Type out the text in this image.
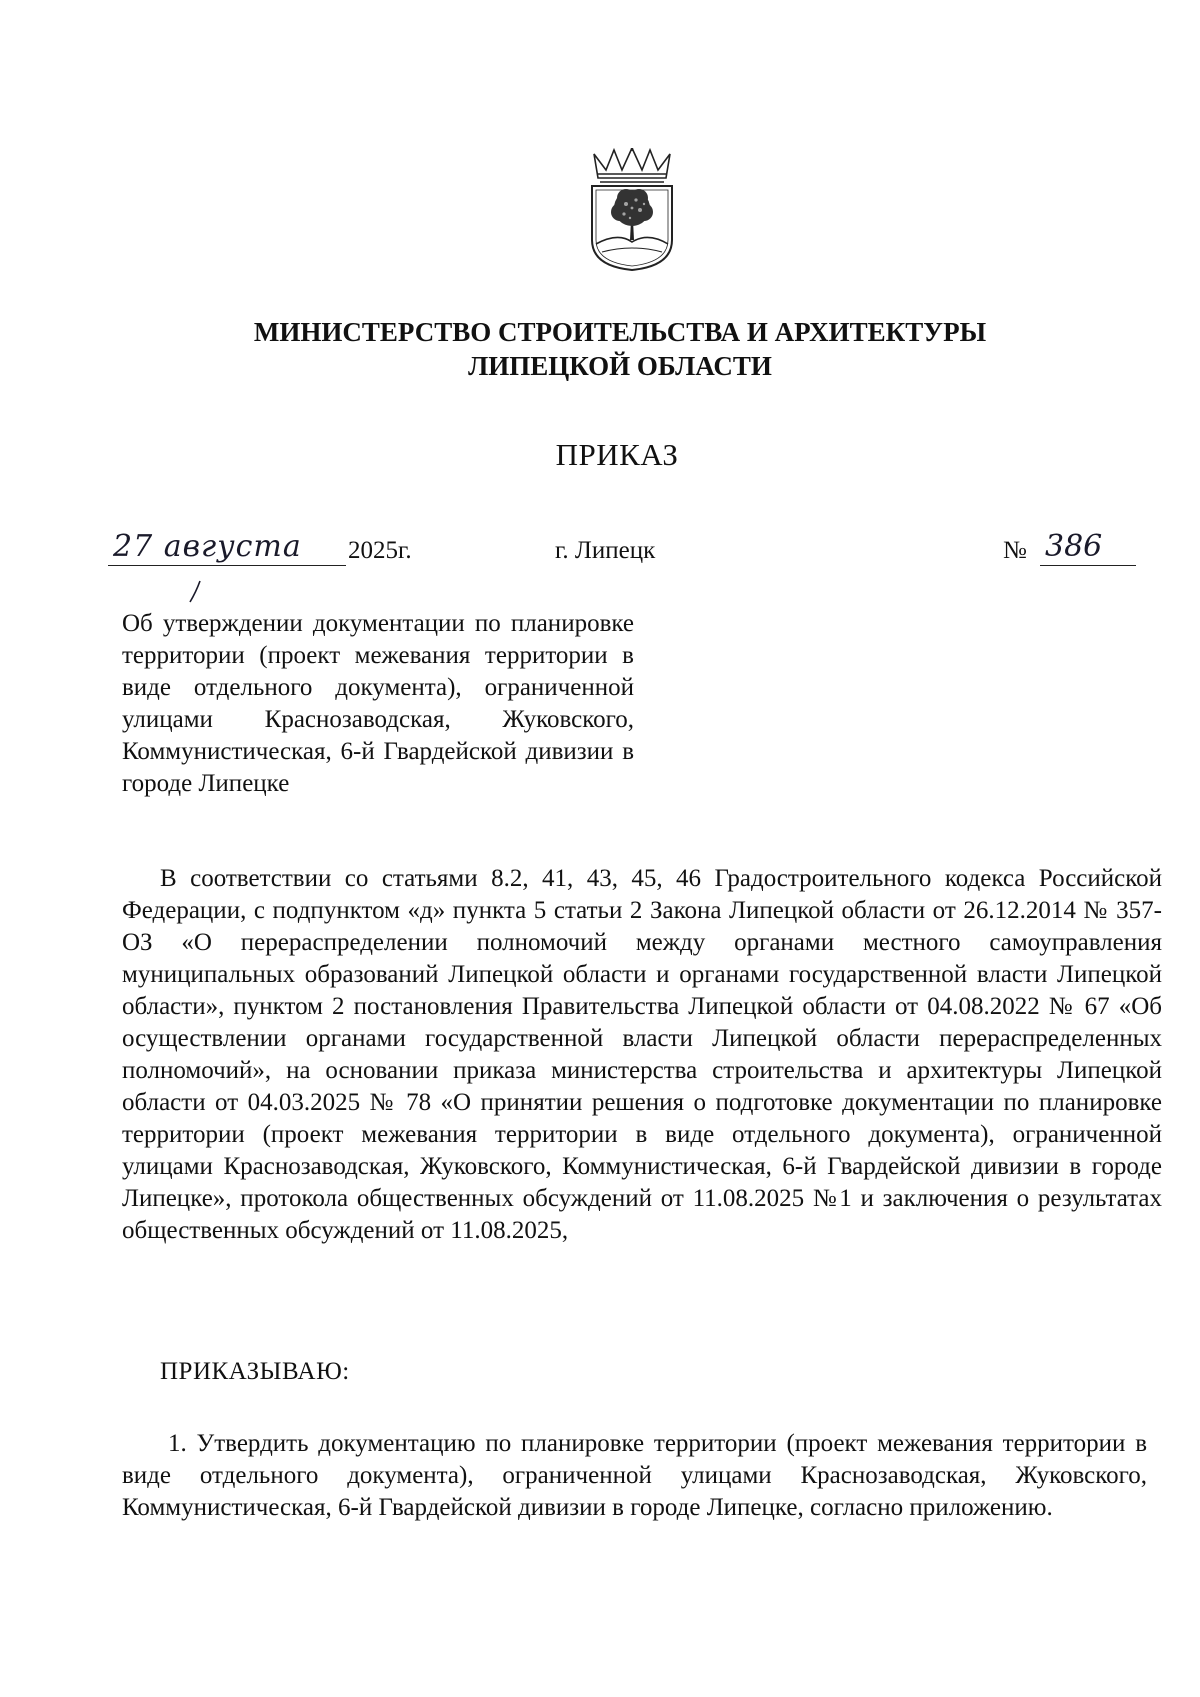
МИНИСТЕРСТВО СТРОИТЕЛЬСТВА И АРХИТЕКТУРЫ
ЛИПЕЦКОЙ ОБЛАСТИ
ПРИКАЗ
27 августа 2025г.	г. Липецк	№ 386
Об утверждении документации по планировке территории (проект межевания территории в виде отдельного документа), ограниченной улицами Краснозаводская, Жуковского, Коммунистическая, 6-й Гвардейской дивизии в городе Липецке
В соответствии со статьями 8.2, 41, 43, 45, 46 Градостроительного кодекса Российской Федерации, с подпунктом «д» пункта 5 статьи 2 Закона Липецкой области от 26.12.2014 № 357-ОЗ «О перераспределении полномочий между органами местного самоуправления муниципальных образований Липецкой области и органами государственной власти Липецкой области», пунктом 2 постановления Правительства Липецкой области от 04.08.2022 № 67 «Об осуществлении органами государственной власти Липецкой области перераспределенных полномочий», на основании приказа министерства строительства и архитектуры Липецкой области от 04.03.2025 № 78 «О принятии решения о подготовке документации по планировке территории (проект межевания территории в виде отдельного документа), ограниченной улицами Краснозаводская, Жуковского, Коммунистическая, 6-й Гвардейской дивизии в городе Липецке», протокола общественных обсуждений от 11.08.2025 №1 и заключения о результатах общественных обсуждений от 11.08.2025,
ПРИКАЗЫВАЮ:
1. Утвердить документацию по планировке территории (проект межевания территории в виде отдельного документа), ограниченной улицами Краснозаводская, Жуковского, Коммунистическая, 6-й Гвардейской дивизии в городе Липецке, согласно приложению.
